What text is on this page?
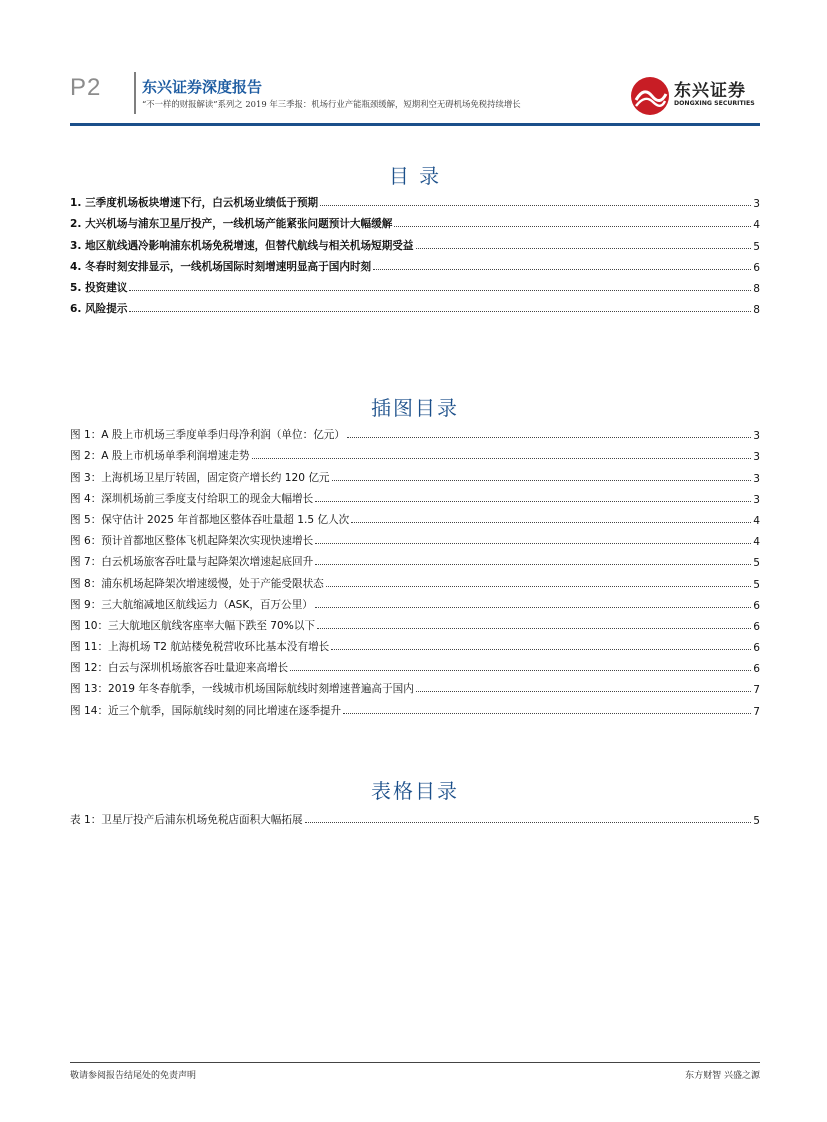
P2	东兴证券深度报告
“不一样的财报解读”系列之 2019 年三季报：机场行业产能瓶颈缓解，短期利空无碍机场免税持续增长
东兴证券
DONGXING SECURITIES
目 录
1. 三季度机场板块增速下行，白云机场业绩低于预期	3
2. 大兴机场与浦东卫星厅投产，一线机场产能紧张问题预计大幅缓解	4
3. 地区航线遇冷影响浦东机场免税增速，但替代航线与相关机场短期受益	5
4. 冬春时刻安排显示，一线机场国际时刻增速明显高于国内时刻	6
5. 投资建议	8
6. 风险提示	8
插图目录
图 1：A 股上市机场三季度单季归母净利润（单位：亿元）	3
图 2：A 股上市机场单季利润增速走势	3
图 3：上海机场卫星厅转固，固定资产增长约 120 亿元	3
图 4：深圳机场前三季度支付给职工的现金大幅增长	3
图 5：保守估计 2025 年首都地区整体吞吐量超 1.5 亿人次	4
图 6：预计首都地区整体飞机起降架次实现快速增长	4
图 7：白云机场旅客吞吐量与起降架次增速起底回升	5
图 8：浦东机场起降架次增速缓慢，处于产能受限状态	5
图 9：三大航缩减地区航线运力（ASK，百万公里）	6
图 10：三大航地区航线客座率大幅下跌至 70%以下	6
图 11：上海机场 T2 航站楼免税营收环比基本没有增长	6
图 12：白云与深圳机场旅客吞吐量迎来高增长	6
图 13：2019 年冬春航季，一线城市机场国际航线时刻增速普遍高于国内	7
图 14：近三个航季，国际航线时刻的同比增速在逐季提升	7
表格目录
表 1：卫星厅投产后浦东机场免税店面积大幅拓展	5
敬请参阅报告结尾处的免责声明	东方财智 兴盛之源
